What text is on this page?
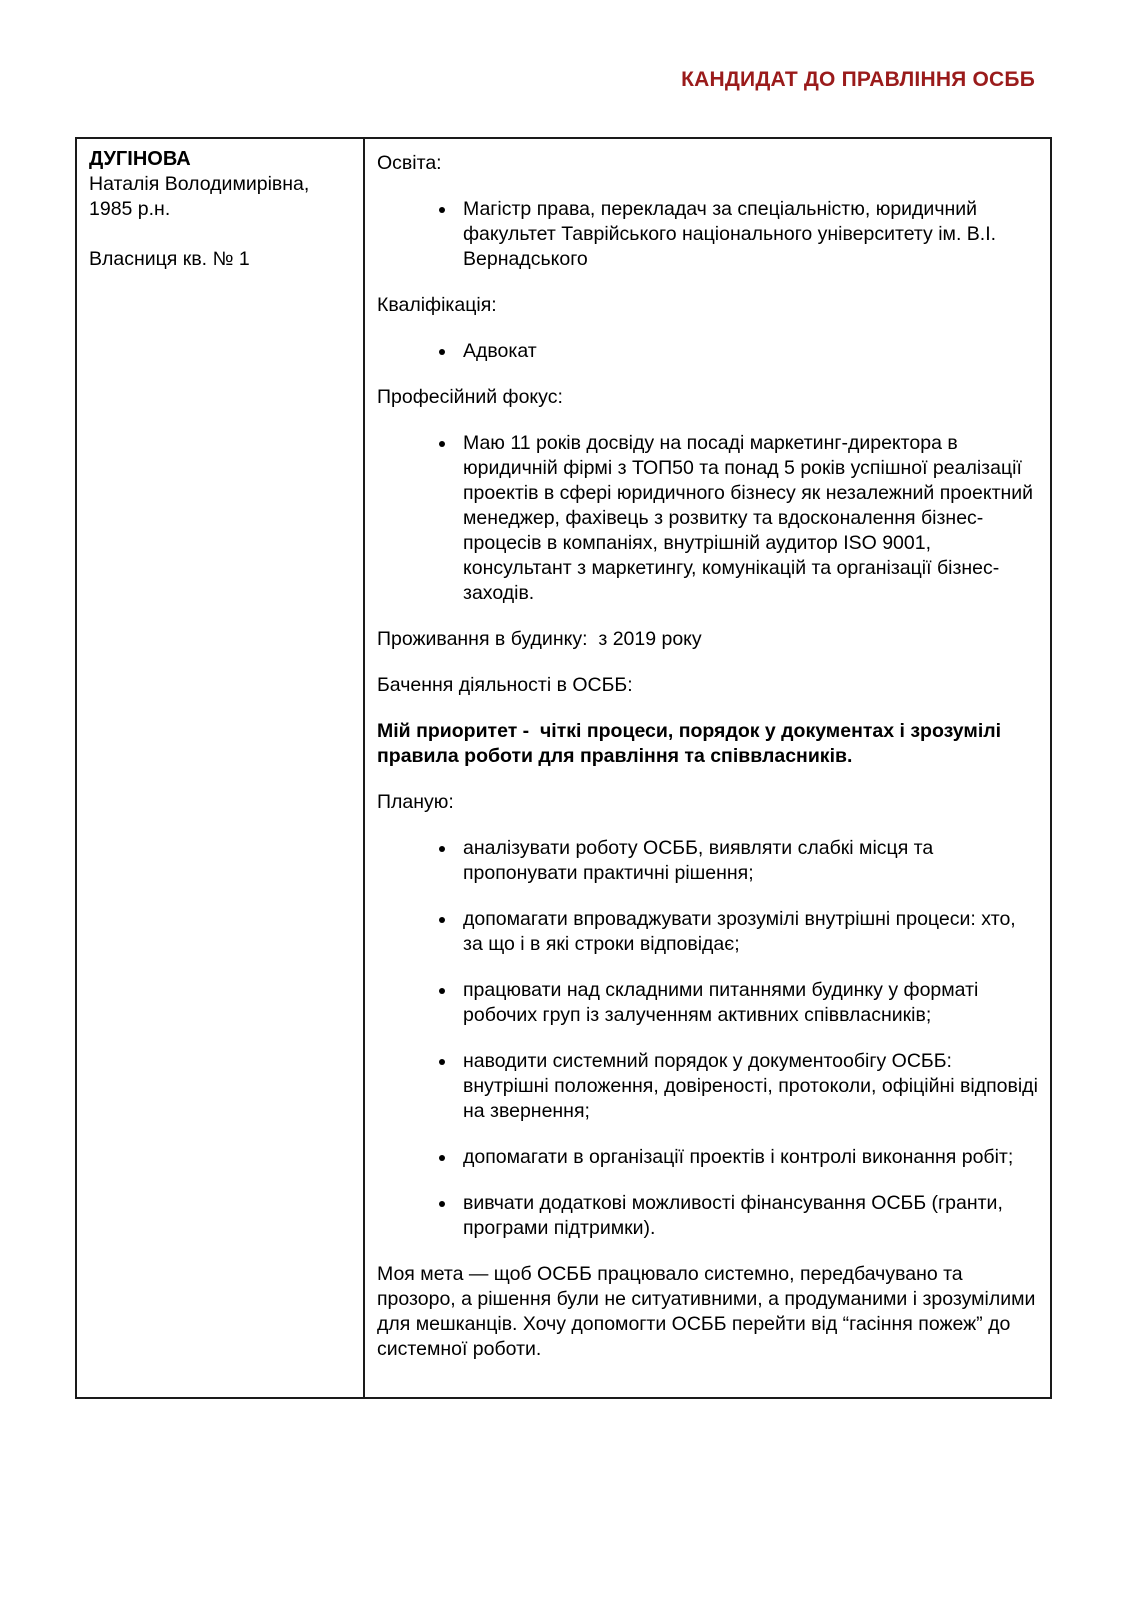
КАНДИДАТ ДО ПРАВЛІННЯ ОСББ

ДУГІНОВА

Наталія Володимирівна,

1985 р.н.

Власниця кв. № 1

Освіта:

• Магістр права, перекладач за спеціальністю, юридичний факультет Таврійського національного університету ім. В.І. Вернадського

Кваліфікація:

• Адвокат

Професійний фокус:

• Маю 11 років досвіду на посаді маркетинг-директора в юридичній фірмі з ТОП50 та понад 5 років успішної реалізації проектів в сфері юридичного бізнесу як незалежний проектний менеджер, фахівець з розвитку та вдосконалення бізнес-процесів в компаніях, внутрішній аудитор ISO 9001, консультант з маркетингу, комунікацій та організації бізнес-заходів.

Проживання в будинку:  з 2019 року

Бачення діяльності в ОСББ:

Мій приоритет -  чіткі процеси, порядок у документах і зрозумілі правила роботи для правління та співвласників.

Планую:

• аналізувати роботу ОСББ, виявляти слабкі місця та пропонувати практичні рішення;
• допомагати впроваджувати зрозумілі внутрішні процеси: хто, за що і в які строки відповідає;
• працювати над складними питаннями будинку у форматі робочих груп із залученням активних співвласників;
• наводити системний порядок у документообігу ОСББ: внутрішні положення, довіреності, протоколи, офіційні відповіді на звернення;
• допомагати в організації проектів і контролі виконання робіт;
• вивчати додаткові можливості фінансування ОСББ (гранти, програми підтримки).

Моя мета — щоб ОСББ працювало системно, передбачувано та прозоро, а рішення були не ситуативними, а продуманими і зрозумілими для мешканців. Хочу допомогти ОСББ перейти від “гасіння пожеж” до системної роботи.
